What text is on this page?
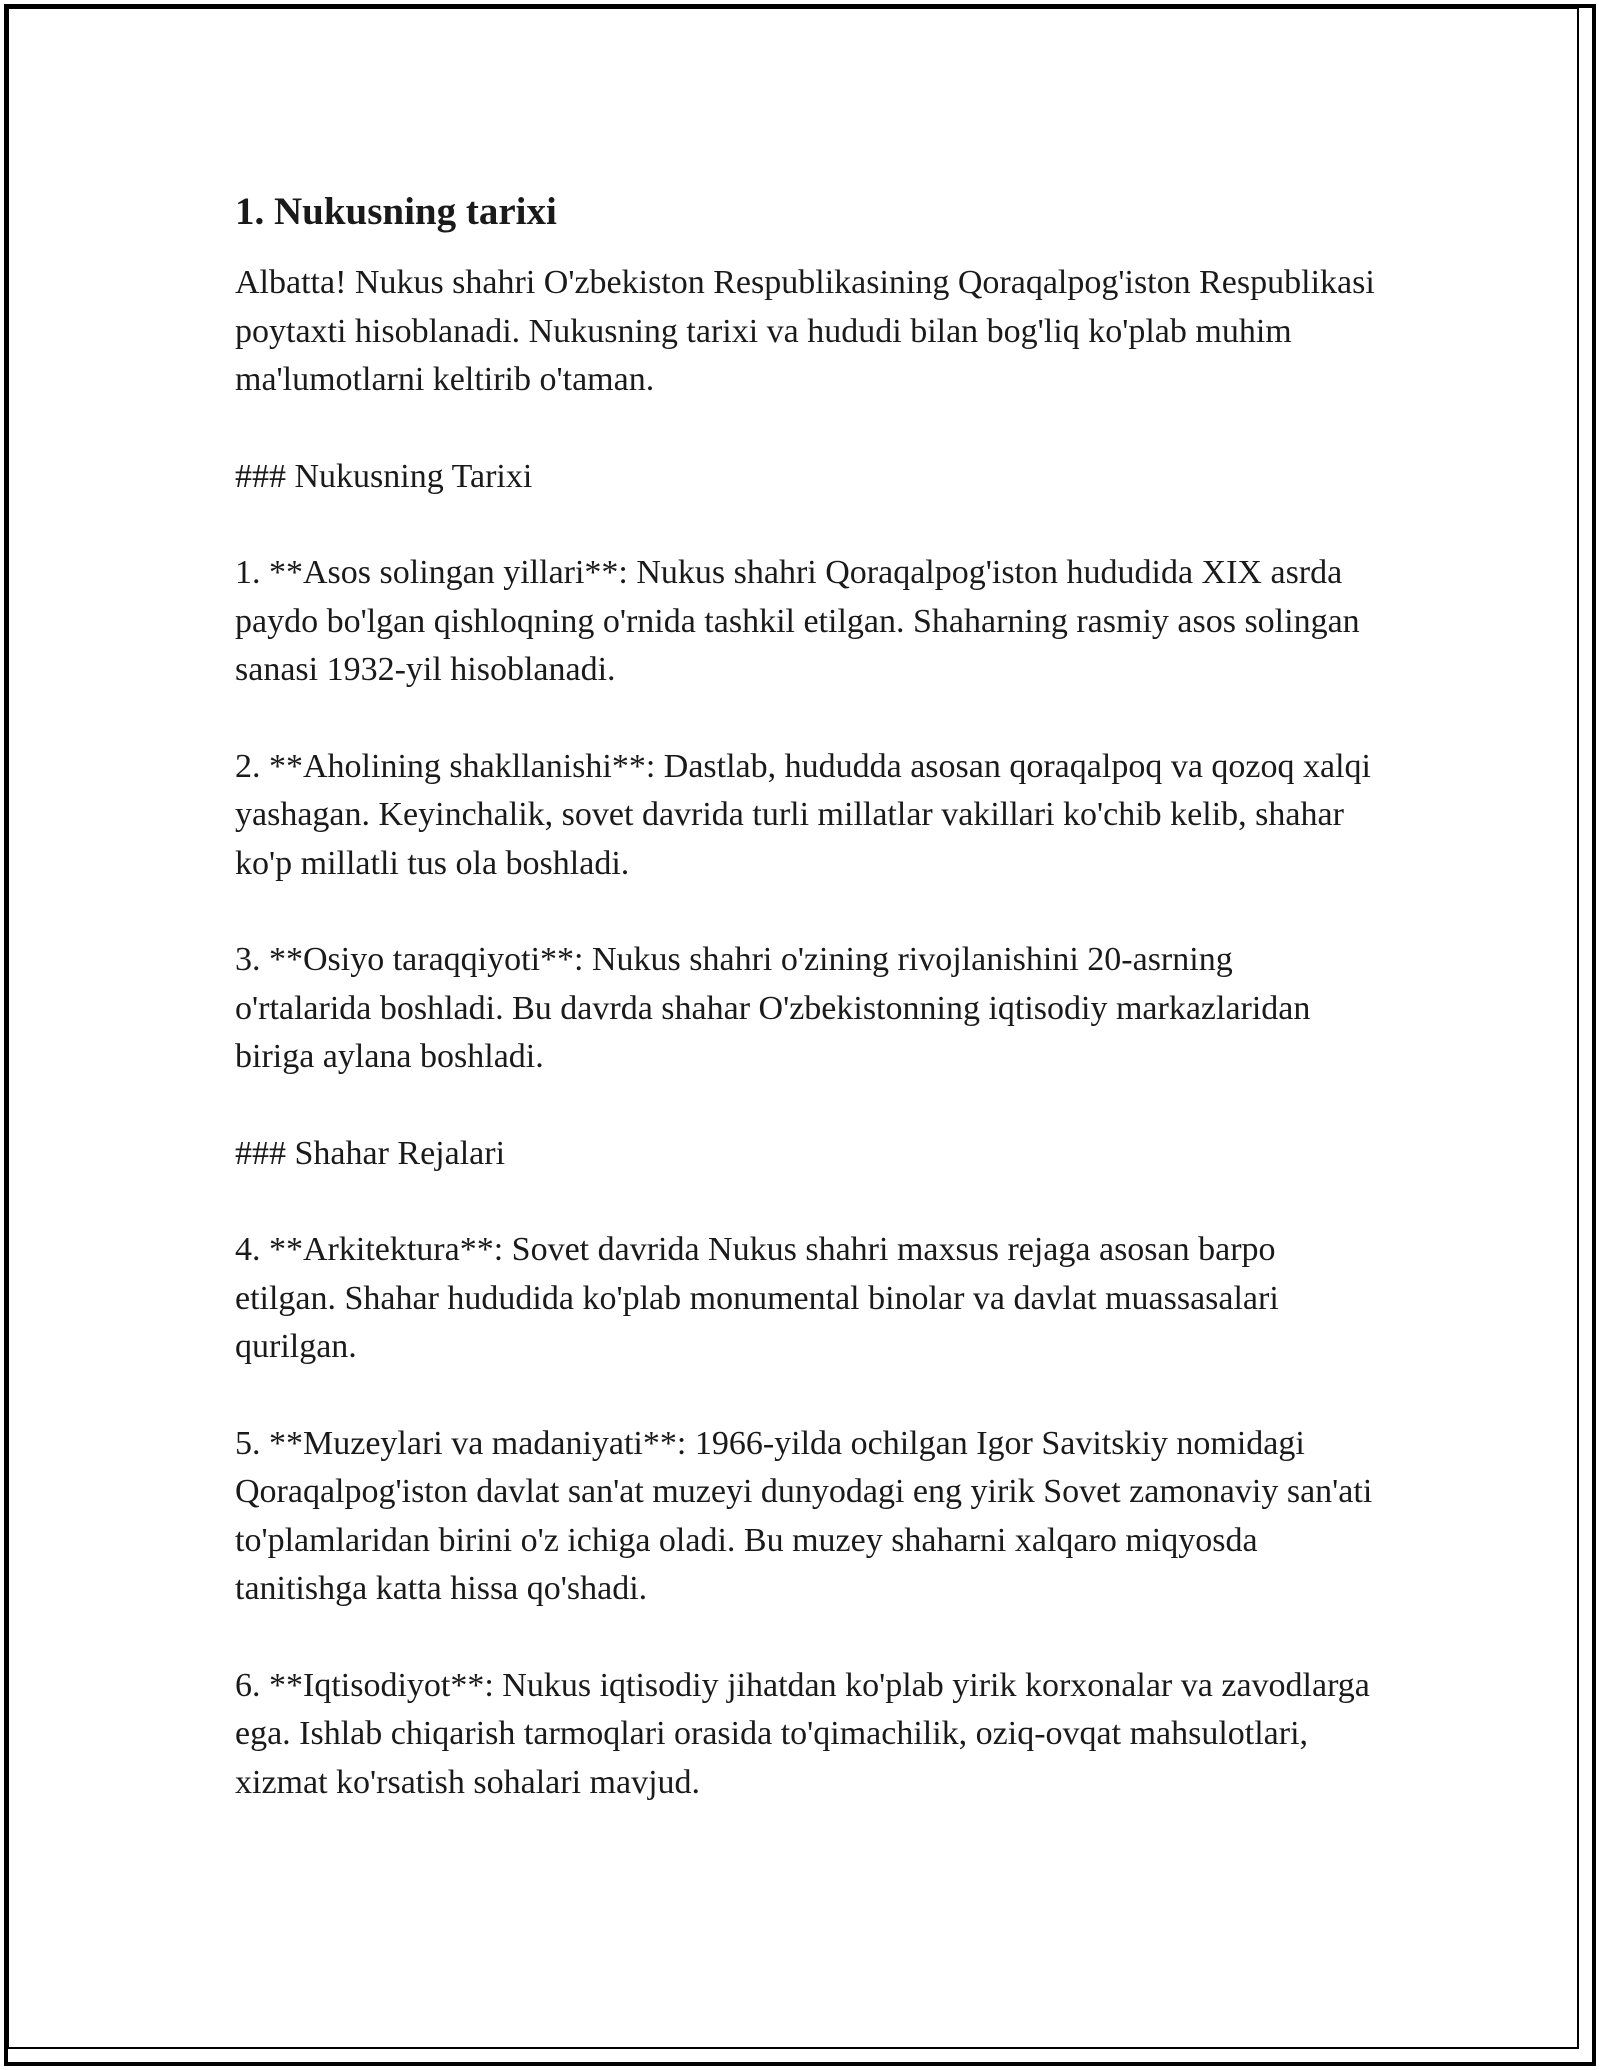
1. Nukusning tarixi

Albatta! Nukus shahri O'zbekiston Respublikasining Qoraqalpog'iston Respublikasi poytaxti hisoblanadi. Nukusning tarixi va hududi bilan bog'liq ko'plab muhim ma'lumotlarni keltirib o'taman.

### Nukusning Tarixi

1. **Asos solingan yillari**: Nukus shahri Qoraqalpog'iston hududida XIX asrda paydo bo'lgan qishloqning o'rnida tashkil etilgan. Shaharning rasmiy asos solingan sanasi 1932-yil hisoblanadi.

2. **Aholining shakllanishi**: Dastlab, hududda asosan qoraqalpoq va qozoq xalqi yashagan. Keyinchalik, sovet davrida turli millatlar vakillari ko'chib kelib, shahar ko'p millatli tus ola boshladi.

3. **Osiyo taraqqiyoti**: Nukus shahri o'zining rivojlanishini 20-asrning o'rtalarida boshladi. Bu davrda shahar O'zbekistonning iqtisodiy markazlaridan biriga aylana boshladi.

### Shahar Rejalari

4. **Arkitektura**: Sovet davrida Nukus shahri maxsus rejaga asosan barpo etilgan. Shahar hududida ko'plab monumental binolar va davlat muassasalari qurilgan.

5. **Muzeylari va madaniyati**: 1966-yilda ochilgan Igor Savitskiy nomidagi Qoraqalpog'iston davlat san'at muzeyi dunyodagi eng yirik Sovet zamonaviy san'ati to'plamlaridan birini o'z ichiga oladi. Bu muzey shaharni xalqaro miqyosda tanitishga katta hissa qo'shadi.

6. **Iqtisodiyot**: Nukus iqtisodiy jihatdan ko'plab yirik korxonalar va zavodlarga ega. Ishlab chiqarish tarmoqlari orasida to'qimachilik, oziq-ovqat mahsulotlari, xizmat ko'rsatish sohalari mavjud.
